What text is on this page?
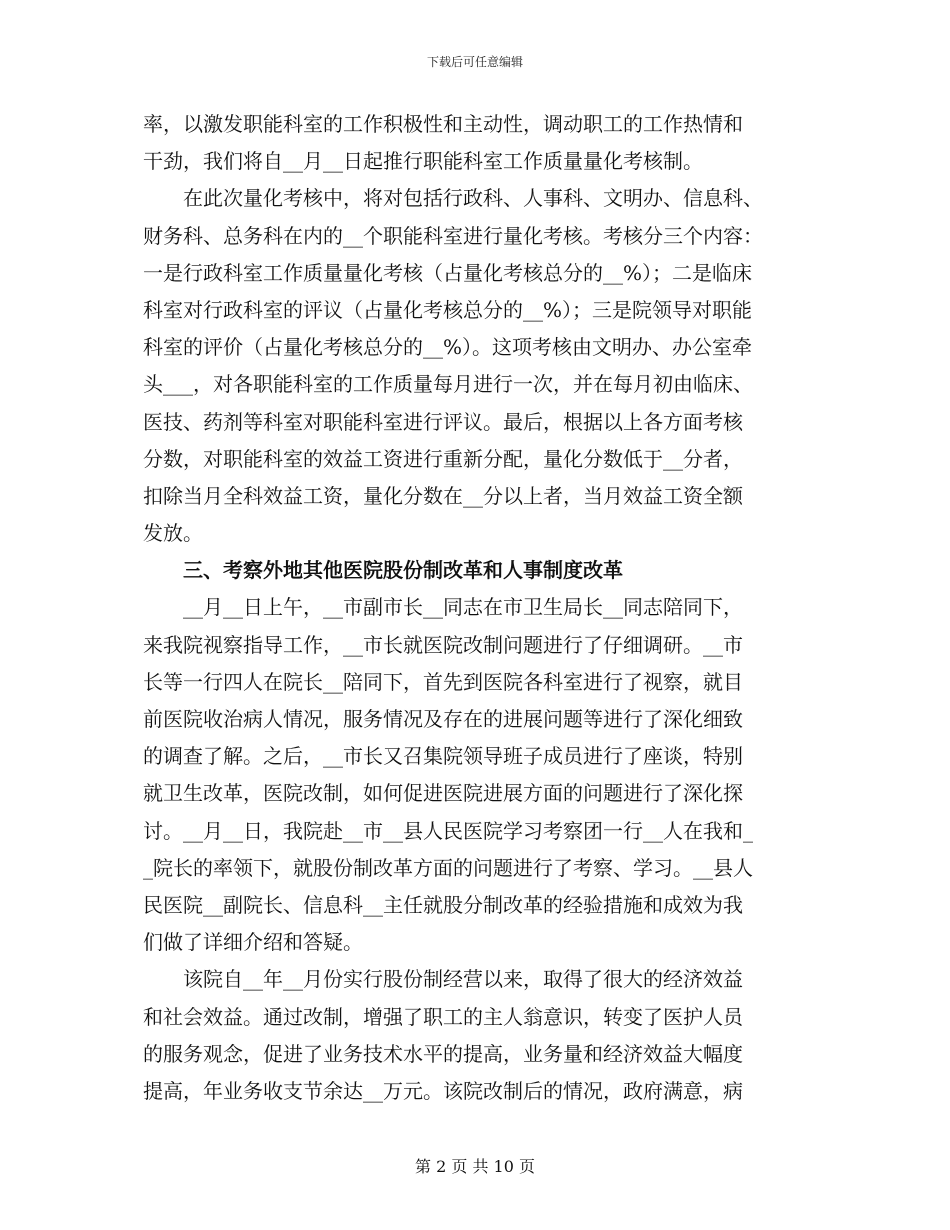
下载后可任意编辑
率，以激发职能科室的工作积极性和主动性，调动职工的工作热情和
干劲，我们将自__月__日起推行职能科室工作质量量化考核制。
在此次量化考核中，将对包括行政科、人事科、文明办、信息科、
财务科、总务科在内的__个职能科室进行量化考核。考核分三个内容：
一是行政科室工作质量量化考核（占量化考核总分的__%）；二是临床
科室对行政科室的评议（占量化考核总分的__%）；三是院领导对职能
科室的评价（占量化考核总分的__%）。这项考核由文明办、办公室牵
头___，对各职能科室的工作质量每月进行一次，并在每月初由临床、
医技、药剂等科室对职能科室进行评议。最后，根据以上各方面考核
分数，对职能科室的效益工资进行重新分配，量化分数低于__分者，
扣除当月全科效益工资，量化分数在__分以上者，当月效益工资全额
发放。
三、考察外地其他医院股份制改革和人事制度改革
__月__日上午，__市副市长__同志在市卫生局长__同志陪同下，
来我院视察指导工作，__市长就医院改制问题进行了仔细调研。__市
长等一行四人在院长__陪同下，首先到医院各科室进行了视察，就目
前医院收治病人情况，服务情况及存在的进展问题等进行了深化细致
的调查了解。之后，__市长又召集院领导班子成员进行了座谈，特别
就卫生改革，医院改制，如何促进医院进展方面的问题进行了深化探
讨。__月__日，我院赴__市__县人民医院学习考察团一行__人在我和_
_院长的率领下，就股份制改革方面的问题进行了考察、学习。__县人
民医院__副院长、信息科__主任就股分制改革的经验措施和成效为我
们做了详细介绍和答疑。
该院自__年__月份实行股份制经营以来，取得了很大的经济效益
和社会效益。通过改制，增强了职工的主人翁意识，转变了医护人员
的服务观念，促进了业务技术水平的提高，业务量和经济效益大幅度
提高，年业务收支节余达__万元。该院改制后的情况，政府满意，病
第 2 页 共 10 页
